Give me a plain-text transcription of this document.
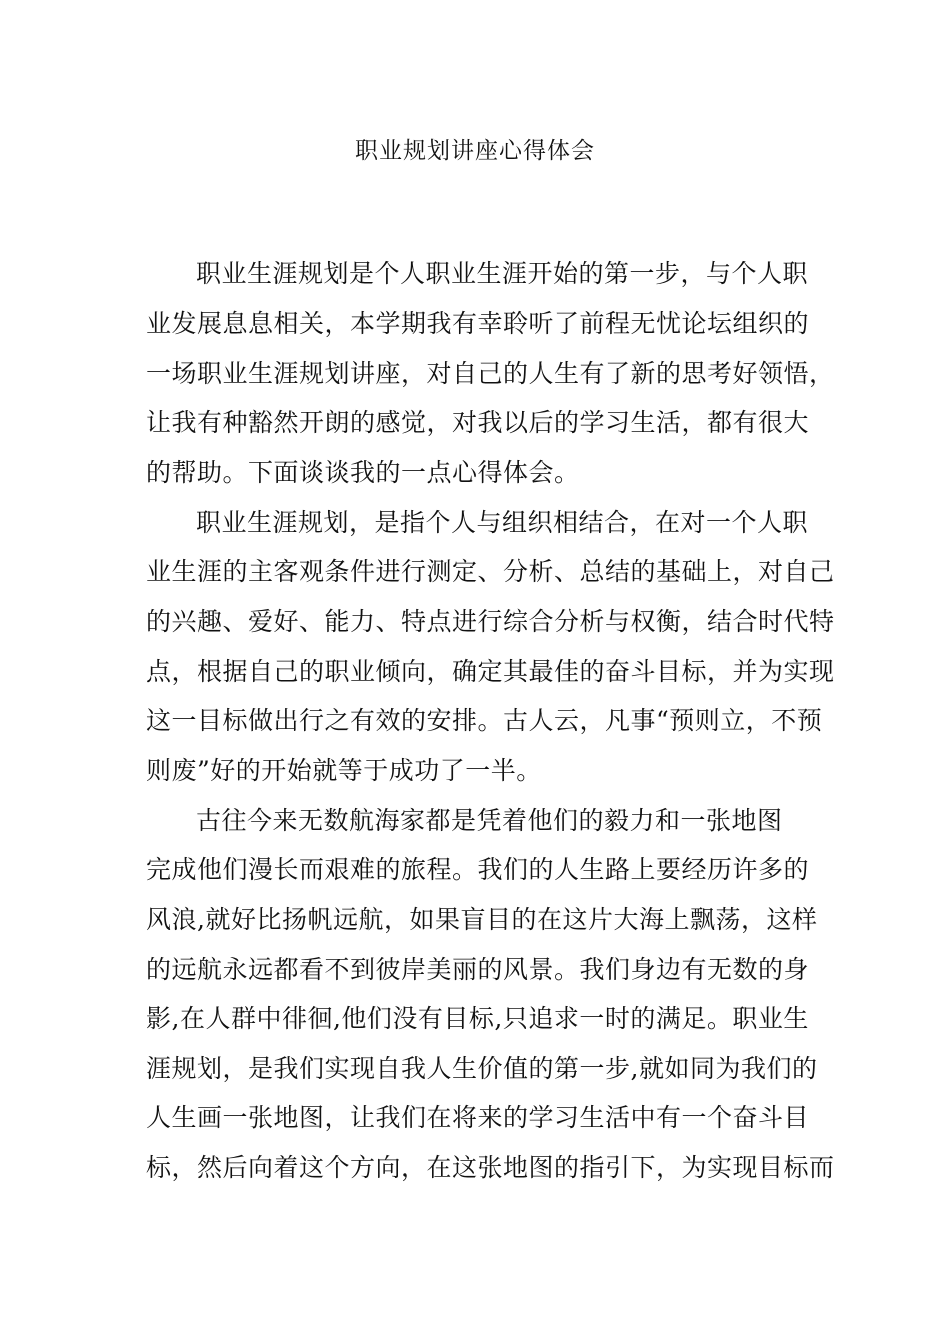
职业规划讲座心得体会
职业生涯规划是个人职业生涯开始的第一步，与个人职
业发展息息相关，本学期我有幸聆听了前程无忧论坛组织的
一场职业生涯规划讲座，对自己的人生有了新的思考好领悟，
让我有种豁然开朗的感觉，对我以后的学习生活，都有很大
的帮助。下面谈谈我的一点心得体会。
职业生涯规划，是指个人与组织相结合，在对一个人职
业生涯的主客观条件进行测定、分析、总结的基础上，对自己
的兴趣、爱好、能力、特点进行综合分析与权衡，结合时代特
点，根据自己的职业倾向，确定其最佳的奋斗目标，并为实现
这一目标做出行之有效的安排。古人云，凡事“预则立，不预
则废”好的开始就等于成功了一半。
古往今来无数航海家都是凭着他们的毅力和一张地图
完成他们漫长而艰难的旅程。我们的人生路上要经历许多的
风浪,就好比扬帆远航，如果盲目的在这片大海上飘荡，这样
的远航永远都看不到彼岸美丽的风景。我们身边有无数的身
影,在人群中徘徊,他们没有目标,只追求一时的满足。职业生
涯规划，是我们实现自我人生价值的第一步,就如同为我们的
人生画一张地图，让我们在将来的学习生活中有一个奋斗目
标，然后向着这个方向，在这张地图的指引下，为实现目标而
